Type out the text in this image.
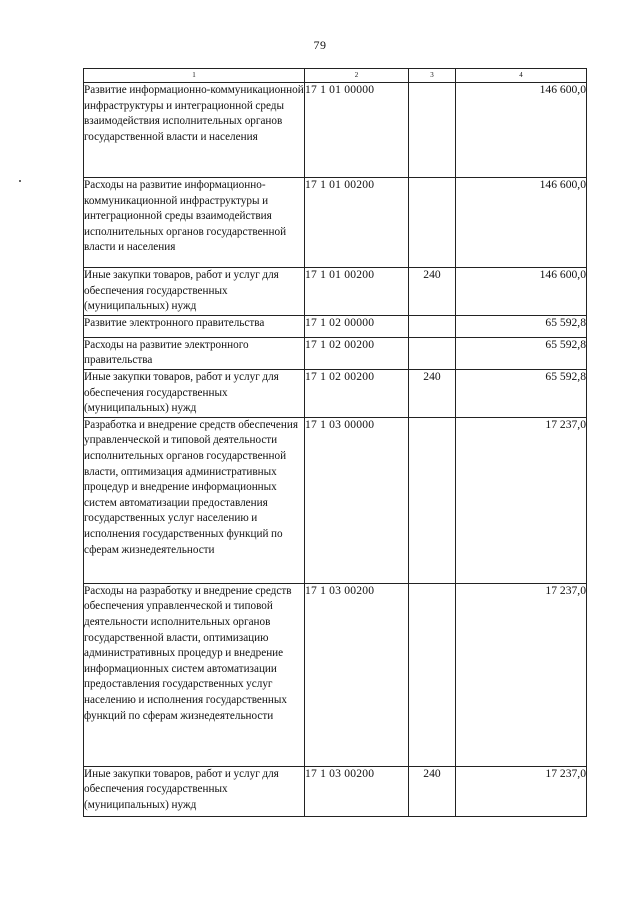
79
1	2	3	4
Развитие информационно-коммуникационной инфраструктуры и интеграционной среды взаимодействия исполнительных органов государственной власти и населения	17 1 01 00000		146 600,0
Расходы на развитие информационно-коммуникационной инфраструктуры и интеграционной среды взаимодействия исполнительных органов государственной власти и населения	17 1 01 00200		146 600,0
Иные закупки товаров, работ и услуг для обеспечения государственных (муниципальных) нужд	17 1 01 00200	240	146 600,0
Развитие электронного правительства	17 1 02 00000		65 592,8
Расходы на развитие электронного правительства	17 1 02 00200		65 592,8
Иные закупки товаров, работ и услуг для обеспечения государственных (муниципальных) нужд	17 1 02 00200	240	65 592,8
Разработка и внедрение средств обеспечения управленческой и типовой деятельности исполнительных органов государственной власти, оптимизация административных процедур и внедрение информационных систем автоматизации предоставления государственных услуг населению и исполнения государственных функций по сферам жизнедеятельности	17 1 03 00000		17 237,0
Расходы на разработку и внедрение средств обеспечения управленческой и типовой деятельности исполнительных органов государственной власти, оптимизацию административных процедур и внедрение информационных систем автоматизации предоставления государственных услуг населению и исполнения государственных функций по сферам жизнедеятельности	17 1 03 00200		17 237,0
Иные закупки товаров, работ и услуг для обеспечения государственных (муниципальных) нужд	17 1 03 00200	240	17 237,0
